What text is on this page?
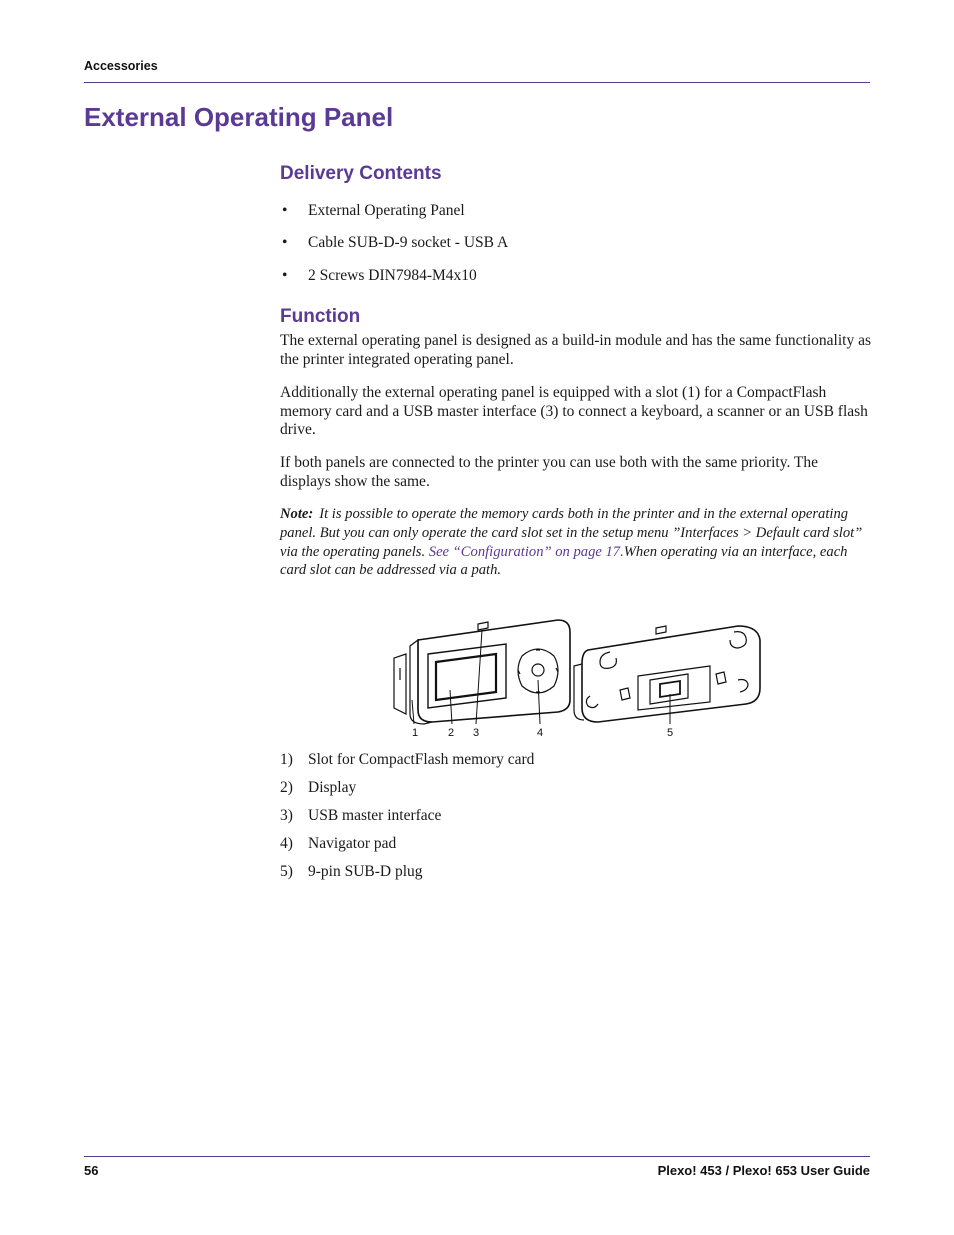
Accessories
External Operating Panel
Delivery Contents
• External Operating Panel
• Cable SUB-D-9 socket - USB A
• 2 Screws DIN7984-M4x10
Function

The external operating panel is designed as a build-in module and has the same functionality as the printer integrated operating panel.

Additionally the external operating panel is equipped with a slot (1) for a CompactFlash memory card and a USB master interface (3) to connect a keyboard, a scanner or an USB flash drive.

If both panels are connected to the printer you can use both with the same priority. The displays show the same.

Note: It is possible to operate the memory cards both in the printer and in the external operating panel. But you can only operate the card slot set in the setup menu ”Interfaces > Default card slot” via the operating panels. See “Configuration” on page 17.When operating via an interface, each card slot can be addressed via a path.

1	2 3	4	5
1) Slot for CompactFlash memory card
2) Display
3) USB master interface
4) Navigator pad
5) 9-pin SUB-D plug
56	Plexo! 453 / Plexo! 653 User Guide
